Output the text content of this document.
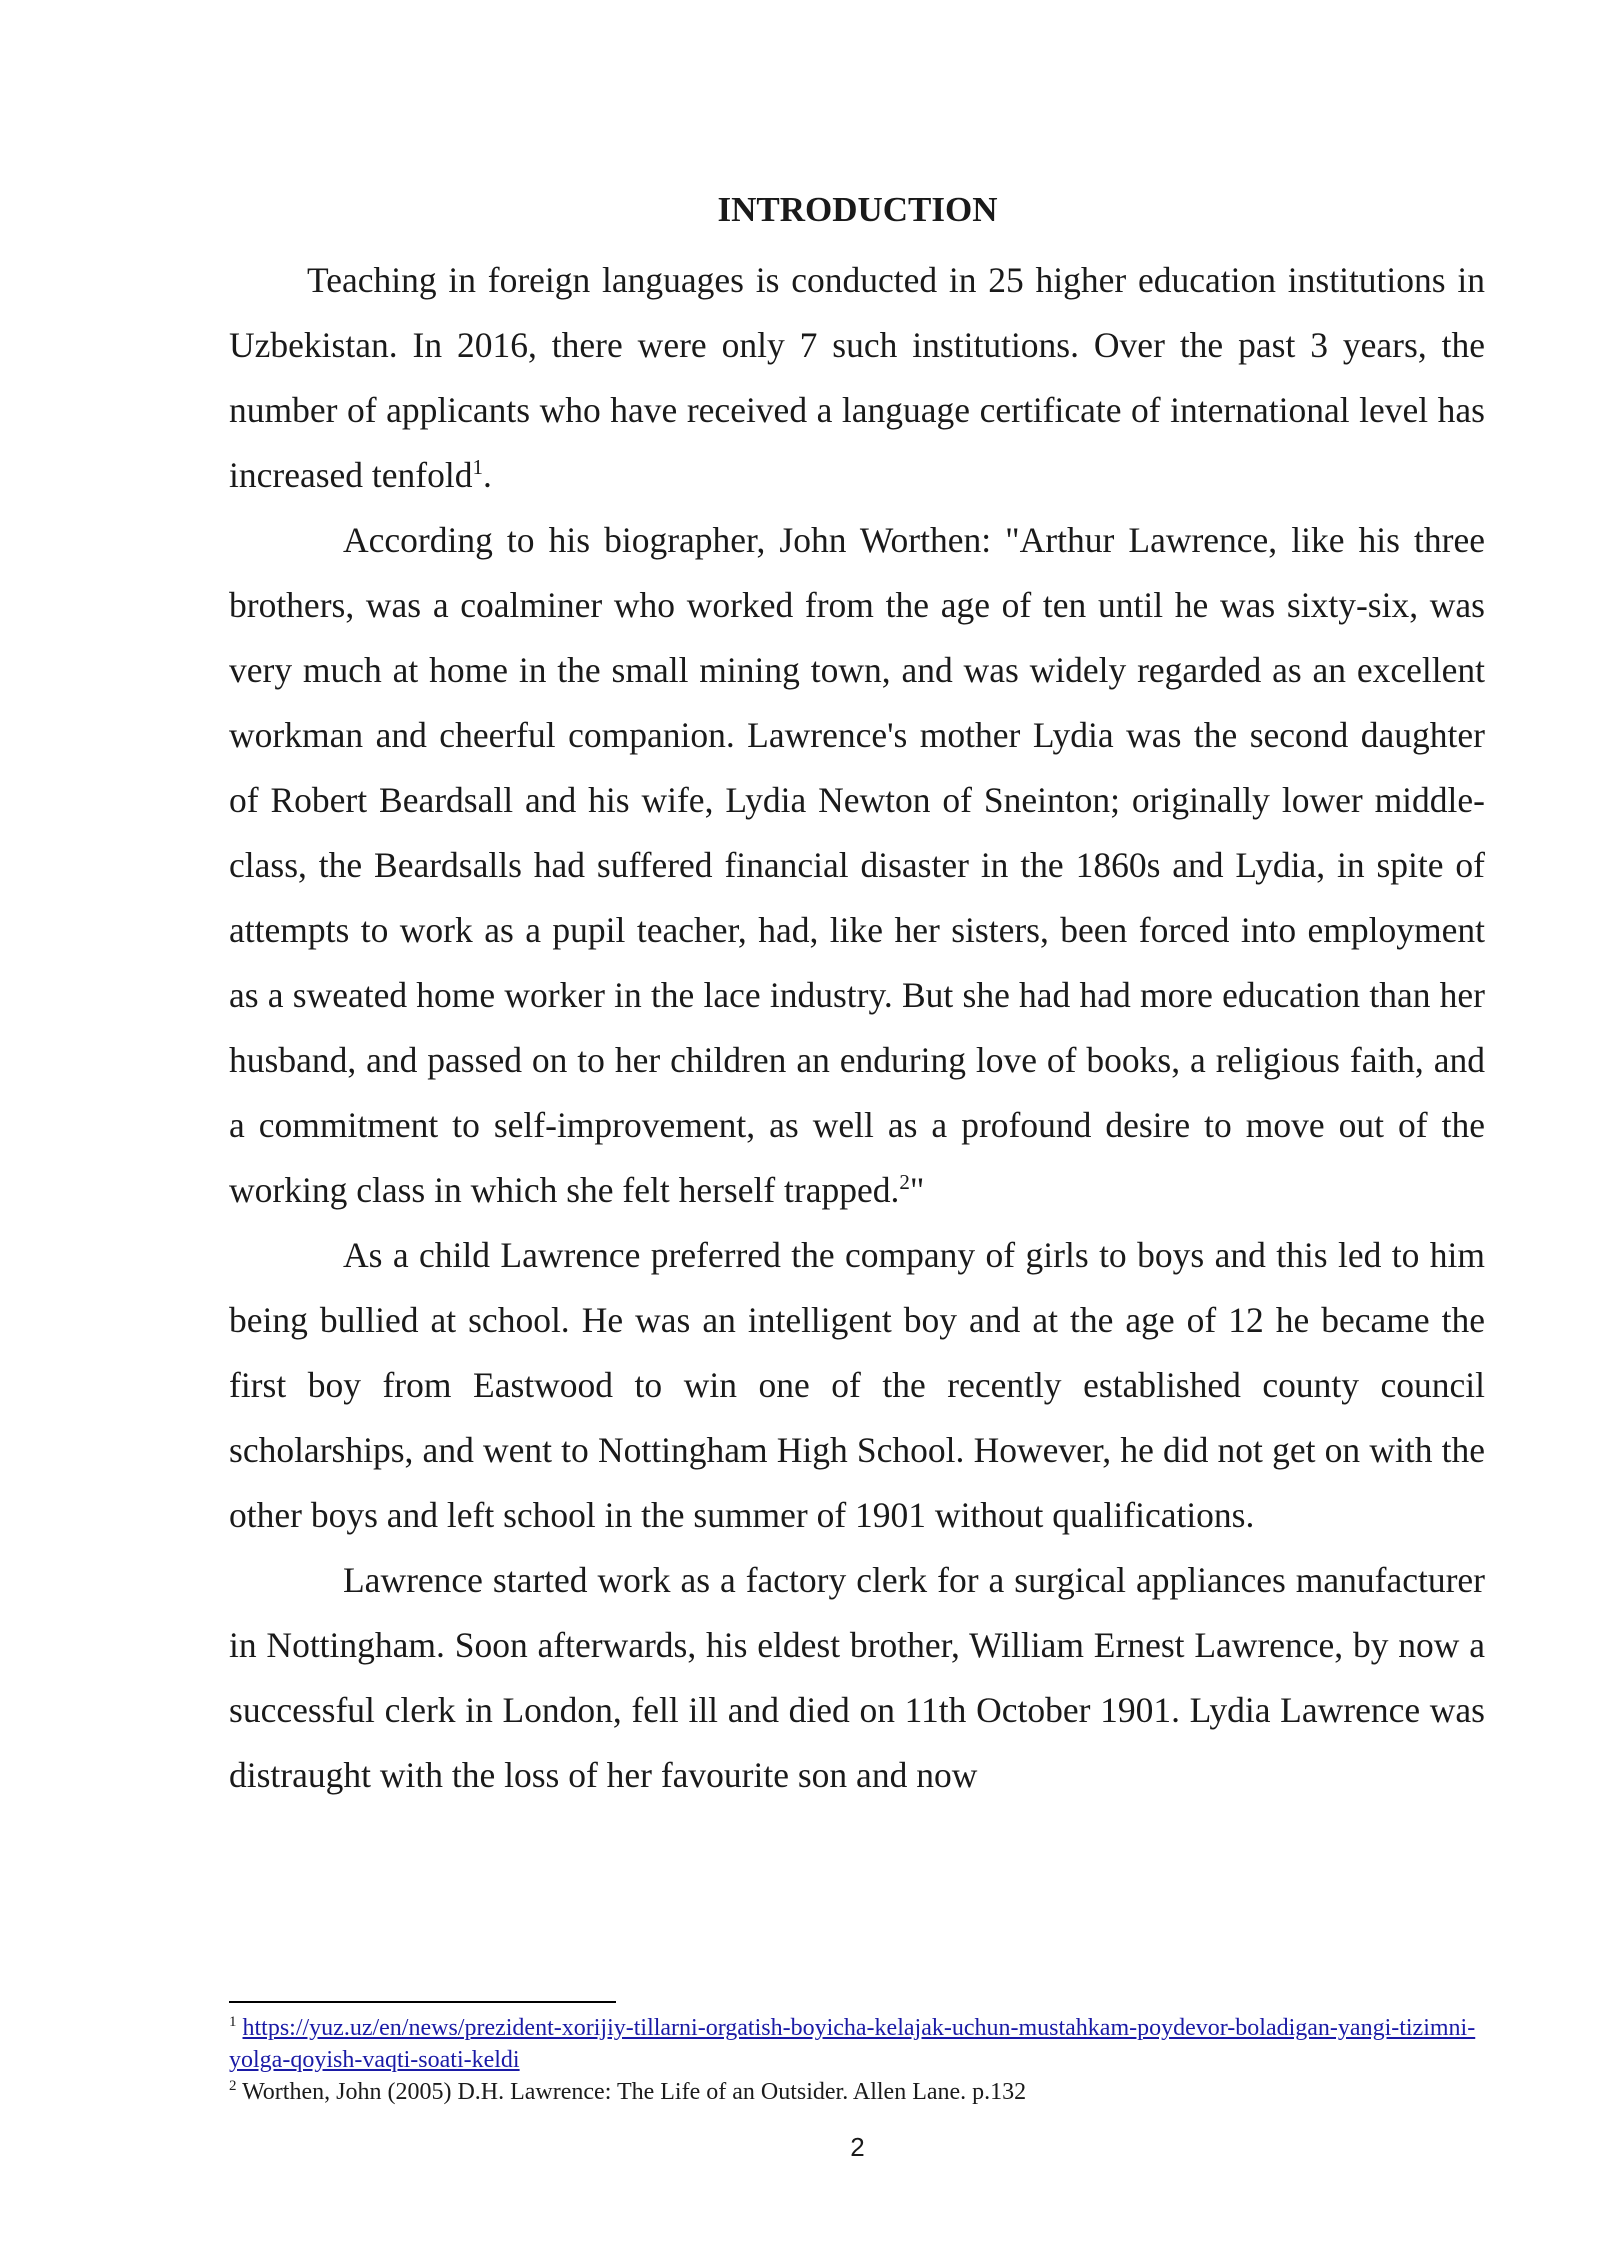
INTRODUCTION

Teaching in foreign languages is conducted in 25 higher education institutions in Uzbekistan. In 2016, there were only 7 such institutions. Over the past 3 years, the number of applicants who have received a language certificate of international level has increased tenfold$^1$.

According to his biographer, John Worthen: "Arthur Lawrence, like his three brothers, was a coalminer who worked from the age of ten until he was sixty-six, was very much at home in the small mining town, and was widely regarded as an excellent workman and cheerful companion. Lawrence's mother Lydia was the second daughter of Robert Beardsall and his wife, Lydia Newton of Sneinton; originally lower middle-class, the Beardsalls had suffered financial disaster in the 1860s and Lydia, in spite of attempts to work as a pupil teacher, had, like her sisters, been forced into employment as a sweated home worker in the lace industry. But she had had more education than her husband, and passed on to her children an enduring love of books, a religious faith, and a commitment to self-improvement, as well as a profound desire to move out of the working class in which she felt herself trapped.$^2$"

As a child Lawrence preferred the company of girls to boys and this led to him being bullied at school. He was an intelligent boy and at the age of 12 he became the first boy from Eastwood to win one of the recently established county council scholarships, and went to Nottingham High School. However, he did not get on with the other boys and left school in the summer of 1901 without qualifications.

Lawrence started work as a factory clerk for a surgical appliances manufacturer in Nottingham. Soon afterwards, his eldest brother, William Ernest Lawrence, by now a successful clerk in London, fell ill and died on 11th October 1901. Lydia Lawrence was distraught with the loss of her favourite son and now

$^1$ https://yuz.uz/en/news/prezident-xorijiy-tillarni-orgatish-boyicha-kelajak-uchun-mustahkam-poydevor-boladigan-yangi-tizimni-yolga-qoyish-vaqti-soati-keldi

$^2$ Worthen, John (2005) D.H. Lawrence: The Life of an Outsider. Allen Lane. p.132

2
